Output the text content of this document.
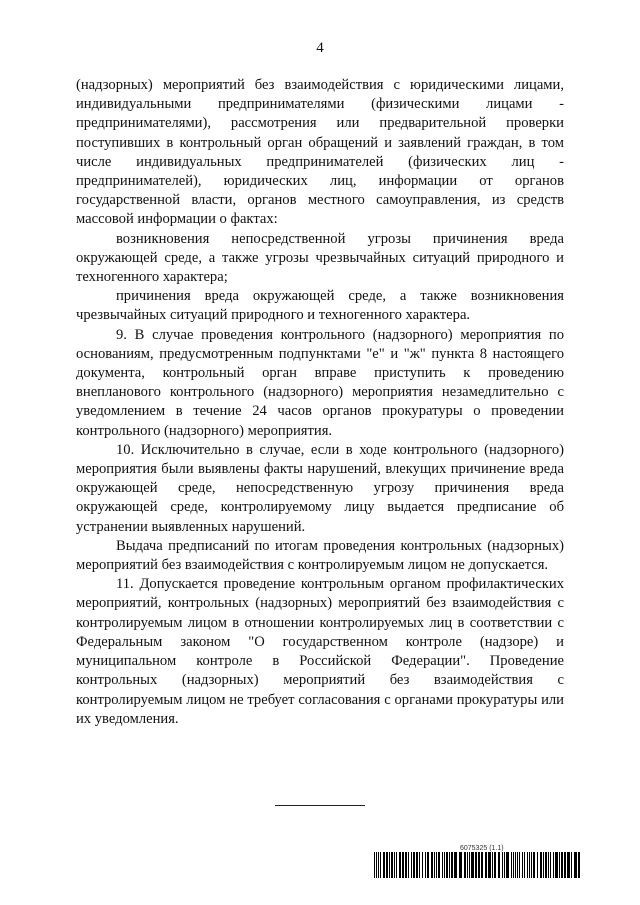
4

(надзорных) мероприятий без взаимодействия с юридическими лицами, индивидуальными предпринимателями (физическими лицами - предпринимателями), рассмотрения или предварительной проверки поступивших в контрольный орган обращений и заявлений граждан, в том числе индивидуальных предпринимателей (физических лиц - предпринимателей), юридических лиц, информации от органов государственной власти, органов местного самоуправления, из средств массовой информации о фактах:

возникновения непосредственной угрозы причинения вреда окружающей среде, а также угрозы чрезвычайных ситуаций природного и техногенного характера;

причинения вреда окружающей среде, а также возникновения чрезвычайных ситуаций природного и техногенного характера.

9. В случае проведения контрольного (надзорного) мероприятия по основаниям, предусмотренным подпунктами "е" и "ж" пункта 8 настоящего документа, контрольный орган вправе приступить к проведению внепланового контрольного (надзорного) мероприятия незамедлительно с уведомлением в течение 24 часов органов прокуратуры о проведении контрольного (надзорного) мероприятия.

10. Исключительно в случае, если в ходе контрольного (надзорного) мероприятия были выявлены факты нарушений, влекущих причинение вреда окружающей среде, непосредственную угрозу причинения вреда окружающей среде, контролируемому лицу выдается предписание об устранении выявленных нарушений.

Выдача предписаний по итогам проведения контрольных (надзорных) мероприятий без взаимодействия с контролируемым лицом не допускается.

11. Допускается проведение контрольным органом профилактических мероприятий, контрольных (надзорных) мероприятий без взаимодействия с контролируемым лицом в отношении контролируемых лиц в соответствии с Федеральным законом "О государственном контроле (надзоре) и муниципальном контроле в Российской Федерации". Проведение контрольных (надзорных) мероприятий без взаимодействия с контролируемым лицом не требует согласования с органами прокуратуры или их уведомления.

6075325 (1.1)
